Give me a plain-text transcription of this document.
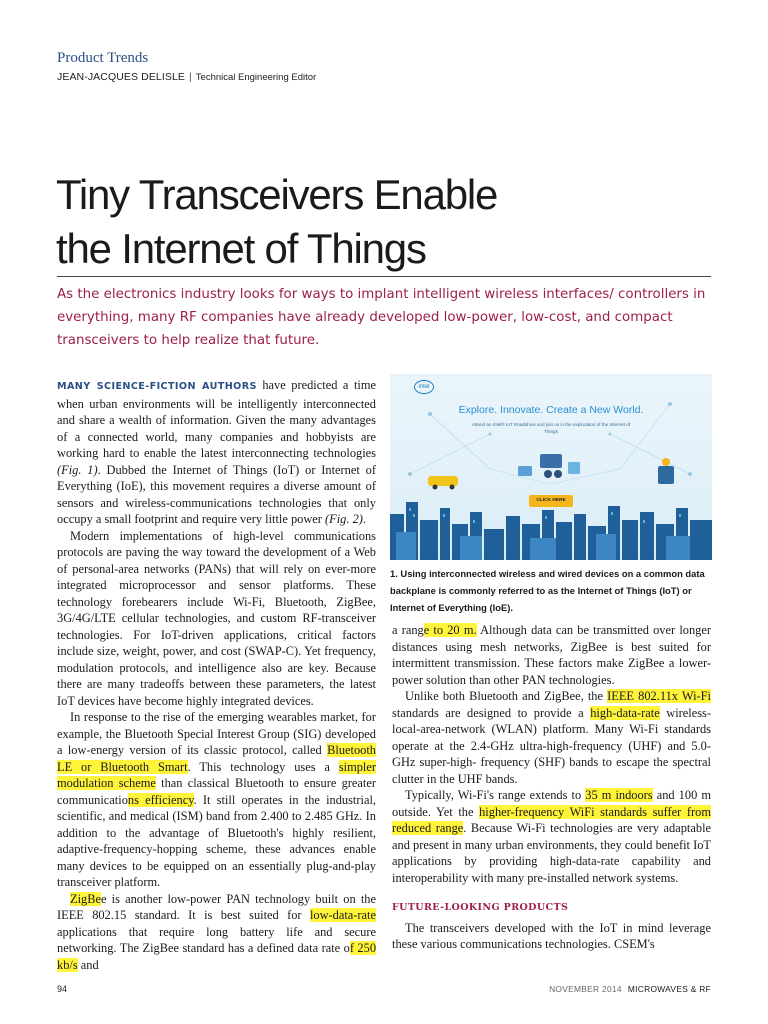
Product Trends
JEAN-JACQUES DELISLE | Technical Engineering Editor
Tiny Transceivers Enable
the Internet of Things
As the electronics industry looks for ways to implant intelligent wireless interfaces/ controllers in everything, many RF companies have already developed low-power, low-cost, and compact transceivers to help realize that future.

MANY SCIENCE-FICTION AUTHORS have predicted a time when urban environments will be intelligently interconnected and share a wealth of information. Given the many advantages of a connected world, many companies and hobbyists are working hard to enable the latest interconnecting technologies (Fig. 1). Dubbed the Internet of Things (IoT) or Internet of Everything (IoE), this movement requires a diverse amount of sensors and wireless-communications technologies that only occupy a small footprint and require very little power (Fig. 2).

Modern implementations of high-level communications protocols are paving the way toward the development of a Web of personal-area networks (PANs) that will rely on ever-more integrated microprocessor and sensor platforms. These technology forebearers include Wi-Fi, Bluetooth, ZigBee, 3G/4G/LTE cellular technologies, and custom RF-transceiver technologies. For IoT-driven applications, critical factors include size, weight, power, and cost (SWAP-C). Yet frequency, modulation protocols, and intelligence also are key. Because there are many tradeoffs between these parameters, the latest IoT devices have become highly integrated devices.

In response to the rise of the emerging wearables market, for example, the Bluetooth Special Interest Group (SIG) developed a low-energy version of its classic protocol, called Bluetooth LE or Bluetooth Smart. This technology uses a simpler modulation scheme than classical Bluetooth to ensure greater communications efficiency. It still operates in the industrial, scientific, and medical (ISM) band from 2.400 to 2.485 GHz. In addition to the advantage of Bluetooth's highly resilient, adaptive-frequency-hopping scheme, these advances enable many devices to be equipped on an essentially plug-and-play transceiver platform.

ZigBee is another low-power PAN technology built on the IEEE 802.15 standard. It is best suited for low-data-rate applications that require long battery life and secure networking. The ZigBee standard has a defined data rate of 250 kb/s and

intel
Explore. Innovate. Create a New World.
Attend an Intel® IoT Roadshow and join us in the exploration of the Internet of Things
CLICK HERE
1. Using interconnected wireless and wired devices on a common data backplane is commonly referred to as the Internet of Things (IoT) or Internet of Everything (IoE).

a range to 20 m. Although data can be transmitted over longer distances using mesh networks, ZigBee is best suited for intermittent transmission. These factors make ZigBee a lower-power solution than other PAN technologies.

Unlike both Bluetooth and ZigBee, the IEEE 802.11x Wi-Fi standards are designed to provide a high-data-rate wireless-local-area-network (WLAN) platform. Many Wi-Fi standards operate at the 2.4-GHz ultra-high-frequency (UHF) and 5.0-GHz super-high- frequency (SHF) bands to escape the spectral clutter in the UHF bands.

Typically, Wi-Fi's range extends to 35 m indoors and 100 m outside. Yet the higher-frequency WiFi standards suffer from reduced range. Because Wi-Fi technologies are very adaptable and present in many urban environments, they could benefit IoT applications by providing high-data-rate capability and interoperability with many pre-installed network systems.

FUTURE-LOOKING PRODUCTS

The transceivers developed with the IoT in mind leverage these various communications technologies. CSEM's

94	NOVEMBER 2014 MICROWAVES & RF
